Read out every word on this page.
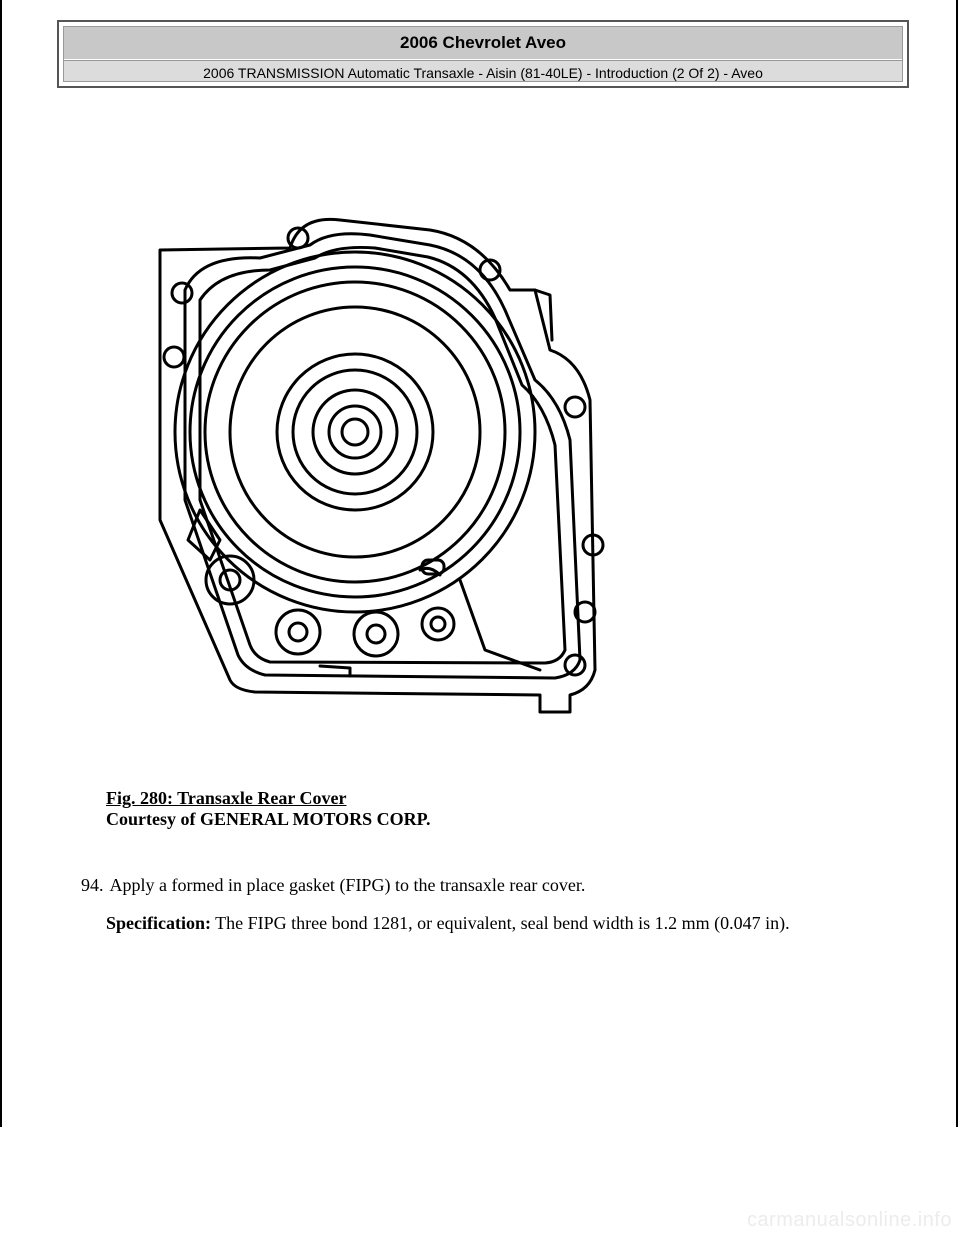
2006 Chevrolet Aveo
2006 TRANSMISSION Automatic Transaxle - Aisin (81-40LE) - Introduction (2 Of 2) - Aveo
Fig. 280: Transaxle Rear Cover
Courtesy of GENERAL MOTORS CORP.
94. Apply a formed in place gasket (FIPG) to the transaxle rear cover.
Specification: The FIPG three bond 1281, or equivalent, seal bend width is 1.2 mm (0.047 in).
carmanualsonline.info
